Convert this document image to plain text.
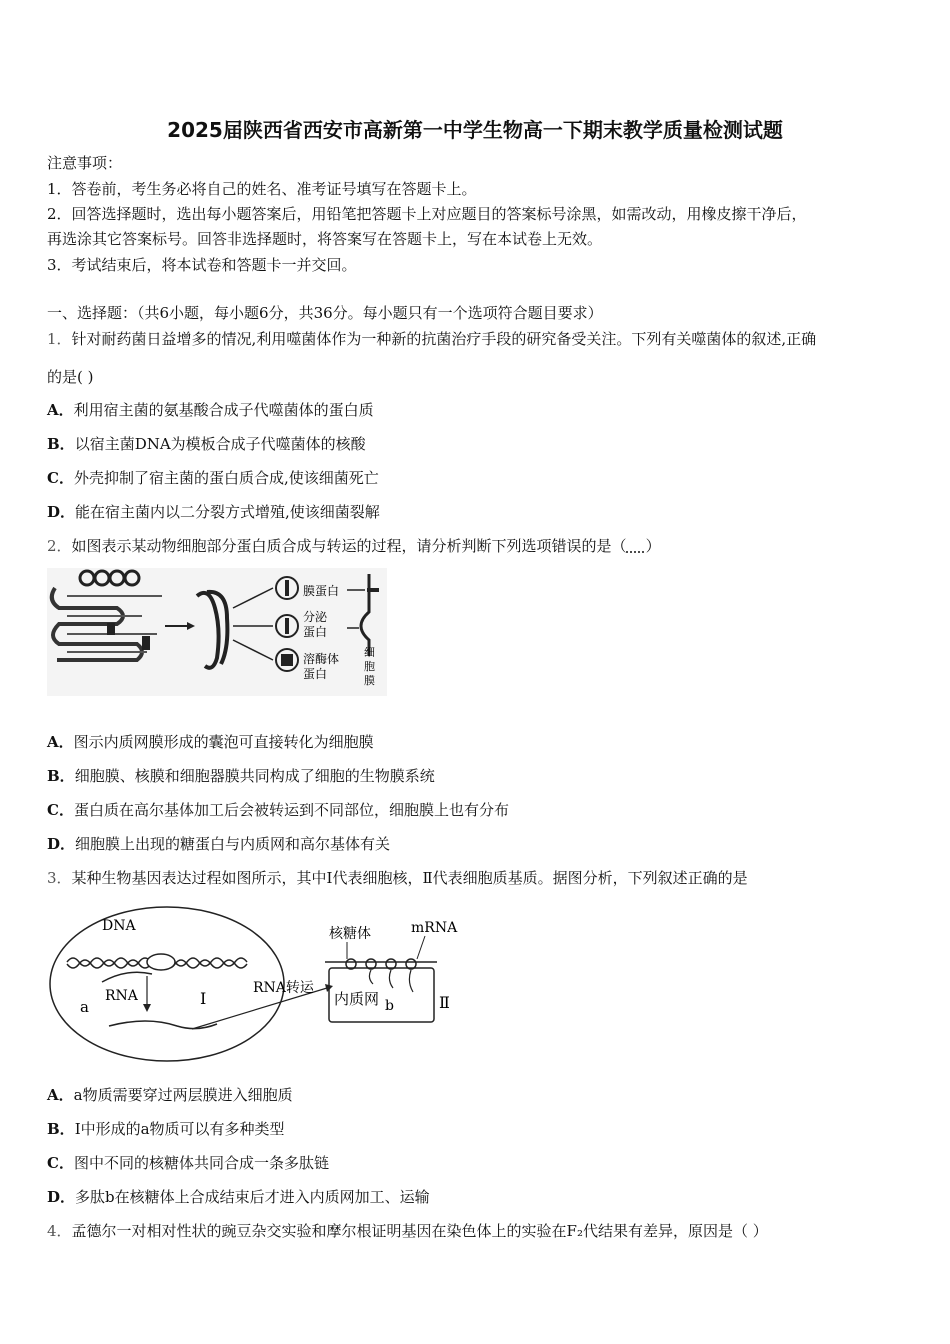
2025届陕西省西安市高新第一中学生物高一下期末教学质量检测试题
注意事项：
1．答卷前，考生务必将自己的姓名、准考证号填写在答题卡上。
2．回答选择题时，选出每小题答案后，用铅笔把答题卡上对应题目的答案标号涂黑，如需改动，用橡皮擦干净后，
再选涂其它答案标号。回答非选择题时，将答案写在答题卡上，写在本试卷上无效。
3．考试结束后，将本试卷和答题卡一并交回。
一、选择题：（共6小题，每小题6分，共36分。每小题只有一个选项符合题目要求）
1．针对耐药菌日益增多的情况,利用噬菌体作为一种新的抗菌治疗手段的研究备受关注。下列有关噬菌体的叙述,正确
的是( )
A．利用宿主菌的氨基酸合成子代噬菌体的蛋白质
B．以宿主菌DNA为模板合成子代噬菌体的核酸
C．外壳抑制了宿主菌的蛋白质合成,使该细菌死亡
D．能在宿主菌内以二分裂方式增殖,使该细菌裂解
2．如图表示某动物细胞部分蛋白质合成与转运的过程，请分析判断下列选项错误的是（ ）
膜蛋白
分泌
蛋白
溶酶体
蛋白
细
胞
膜
A．图示内质网膜形成的囊泡可直接转化为细胞膜
B．细胞膜、核膜和细胞器膜共同构成了细胞的生物膜系统
C．蛋白质在高尔基体加工后会被转运到不同部位，细胞膜上也有分布
D．细胞膜上出现的糖蛋白与内质网和高尔基体有关
3．某种生物基因表达过程如图所示，其中Ⅰ代表细胞核，Ⅱ代表细胞质基质。据图分析，下列叙述正确的是
DNA
RNA
a	Ⅰ
RNA转运
核糖体	mRNA
内质网 b	Ⅱ
A．a物质需要穿过两层膜进入细胞质
B．Ⅰ中形成的a物质可以有多种类型
C．图中不同的核糖体共同合成一条多肽链
D．多肽b在核糖体上合成结束后才进入内质网加工、运输
4．孟德尔一对相对性状的豌豆杂交实验和摩尔根证明基因在染色体上的实验在F₂代结果有差异，原因是（ ）
